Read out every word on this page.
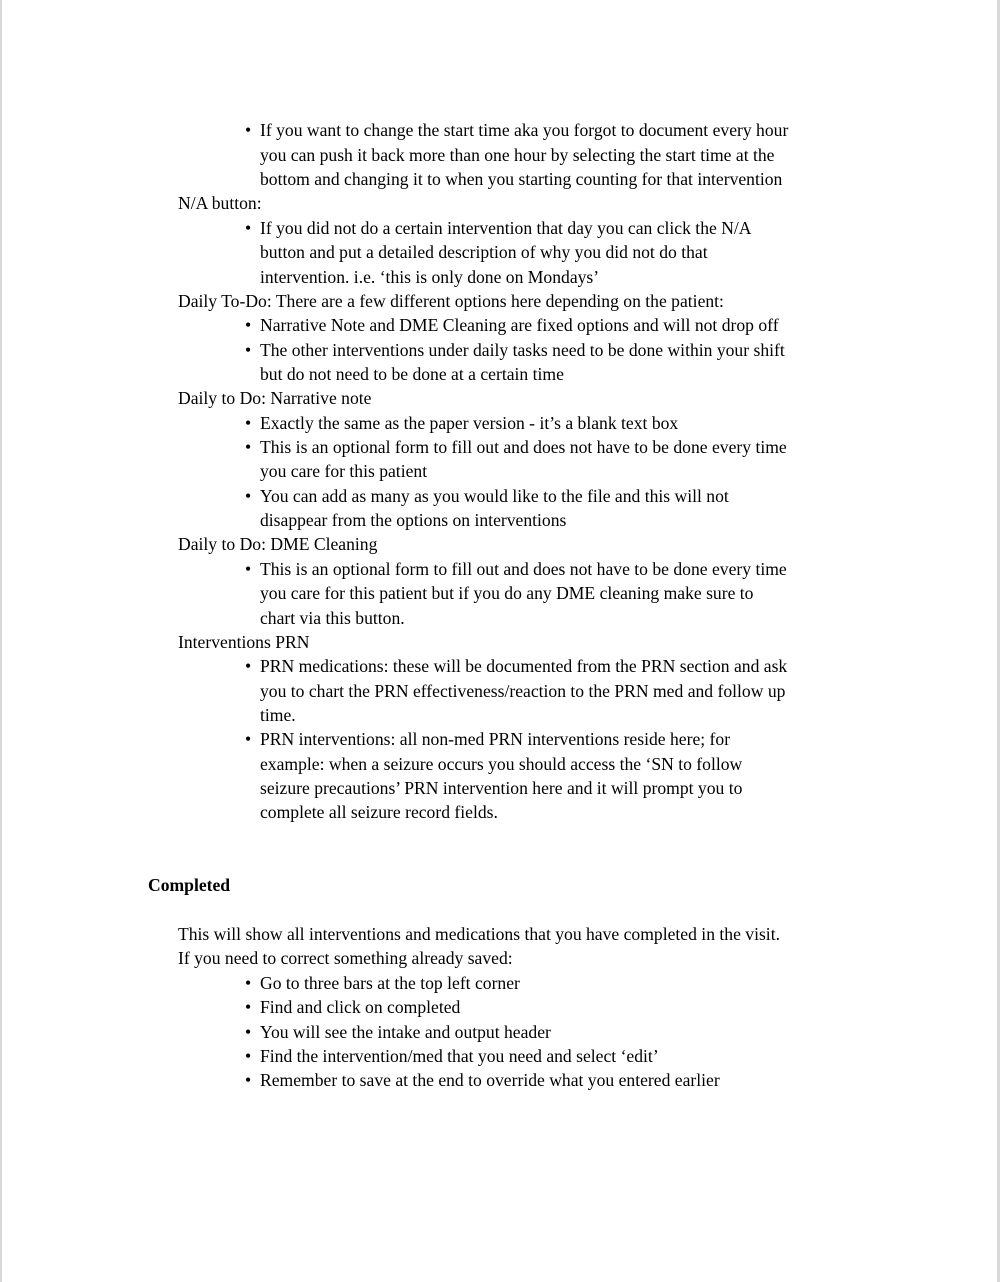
• If you want to change the start time aka you forgot to document every hour
you can push it back more than one hour by selecting the start time at the
bottom and changing it to when you starting counting for that intervention
N/A button:
• If you did not do a certain intervention that day you can click the N/A
button and put a detailed description of why you did not do that
intervention. i.e. ‘this is only done on Mondays’
Daily To-Do: There are a few different options here depending on the patient:
• Narrative Note and DME Cleaning are fixed options and will not drop off
• The other interventions under daily tasks need to be done within your shift
but do not need to be done at a certain time
Daily to Do: Narrative note
• Exactly the same as the paper version - it’s a blank text box
• This is an optional form to fill out and does not have to be done every time
you care for this patient
• You can add as many as you would like to the file and this will not
disappear from the options on interventions
Daily to Do: DME Cleaning
• This is an optional form to fill out and does not have to be done every time
you care for this patient but if you do any DME cleaning make sure to
chart via this button.
Interventions PRN
• PRN medications: these will be documented from the PRN section and ask
you to chart the PRN effectiveness/reaction to the PRN med and follow up
time.
• PRN interventions: all non-med PRN interventions reside here; for
example: when a seizure occurs you should access the ‘SN to follow
seizure precautions’ PRN intervention here and it will prompt you to
complete all seizure record fields.
Completed
This will show all interventions and medications that you have completed in the visit.
If you need to correct something already saved:
• Go to three bars at the top left corner
• Find and click on completed
• You will see the intake and output header
• Find the intervention/med that you need and select ‘edit’
• Remember to save at the end to override what you entered earlier
